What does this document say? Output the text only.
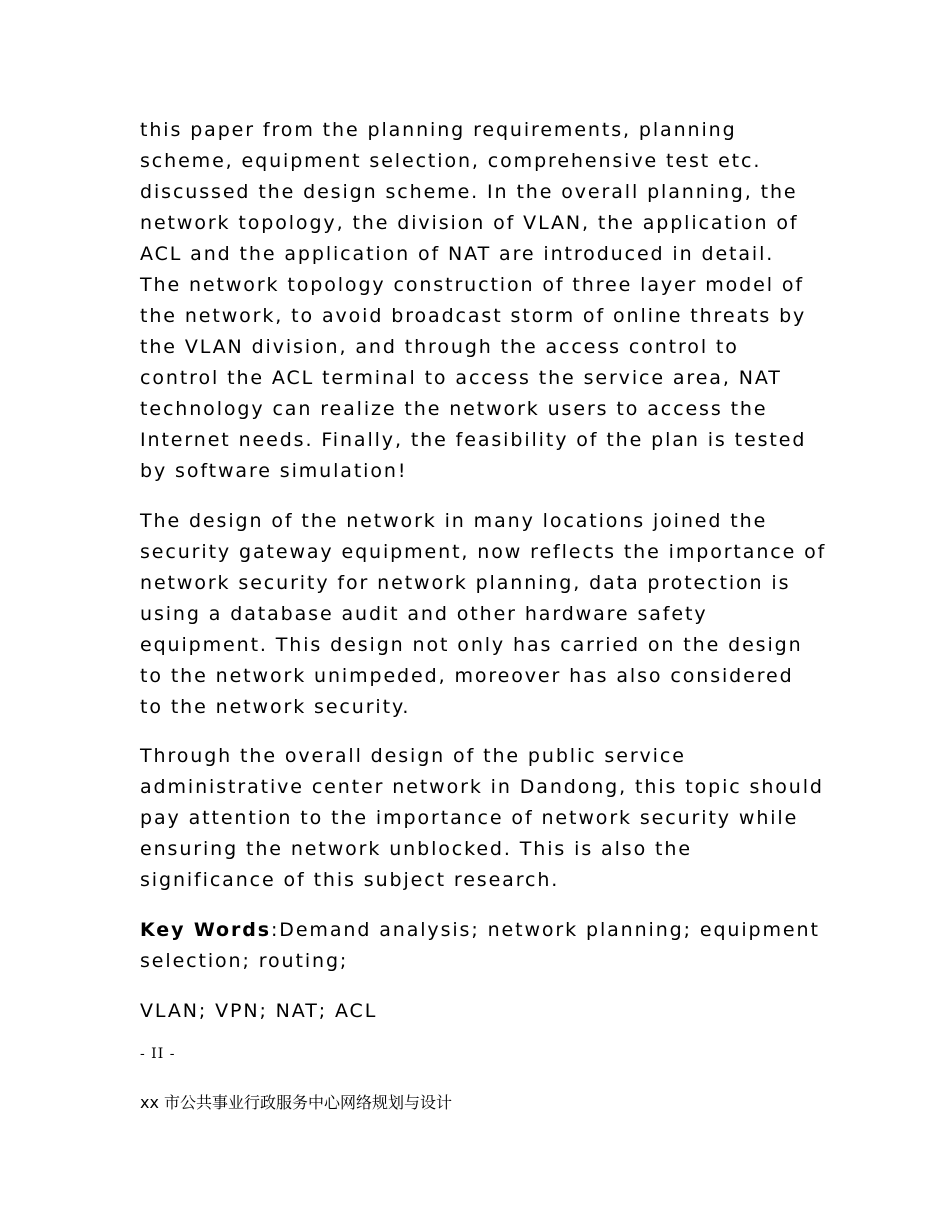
this paper from the planning requirements, planning
scheme, equipment selection, comprehensive test etc.
discussed the design scheme. In the overall planning, the
network topology, the division of VLAN, the application of
ACL and the application of NAT are introduced in detail.
The network topology construction of three layer model of
the network, to avoid broadcast storm of online threats by
the VLAN division, and through the access control to
control the ACL terminal to access the service area, NAT
technology can realize the network users to access the
Internet needs. Finally, the feasibility of the plan is tested
by software simulation!
The design of the network in many locations joined the
security gateway equipment, now reflects the importance of
network security for network planning, data protection is
using a database audit and other hardware safety
equipment. This design not only has carried on the design
to the network unimpeded, moreover has also considered
to the network security.
Through the overall design of the public service
administrative center network in Dandong, this topic should
pay attention to the importance of network security while
ensuring the network unblocked. This is also the
significance of this subject research.
Key Words:Demand analysis; network planning; equipment
selection; routing;
VLAN; VPN; NAT; ACL
- II -
xx 市公共事业行政服务中心网络规划与设计
